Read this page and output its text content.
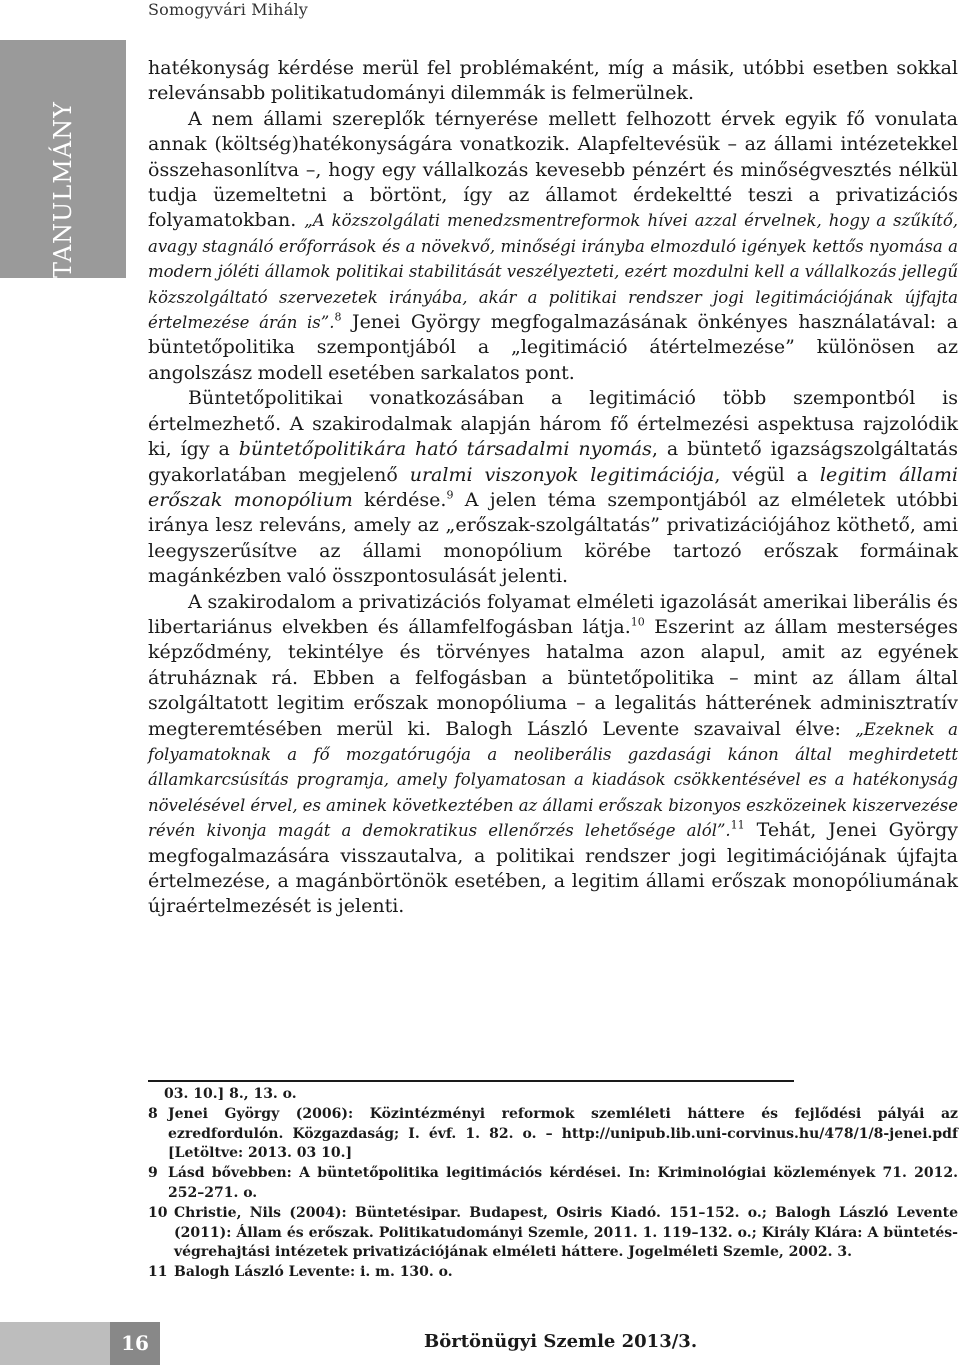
Somogyvári Mihály
TANULMÁNY

hatékonyság kérdése merül fel problémaként, míg a másik, utóbbi esetben sokkal relevánsabb politikatudományi dilemmák is felmerülnek.

A nem állami szereplők térnyerése mellett felhozott érvek egyik fő vonulata annak (költség)hatékonyságára vonatkozik. Alapfeltevésük – az állami intézetekkel összehasonlítva –, hogy egy vállalkozás kevesebb pénzért és minőségvesztés nélkül tudja üzemeltetni a börtönt, így az államot érdekeltté teszi a privatizációs folyamatokban. „A közszolgálati menedzsmentreformok hívei azzal érvelnek, hogy a szűkítő, avagy stagnáló erőforrások és a növekvő, minőségi irányba elmozduló igények kettős nyomása a modern jóléti államok politikai stabilitását veszélyezteti, ezért mozdulni kell a vállalkozás jellegű közszolgáltató szervezetek irányába, akár a politikai rendszer jogi legitimációjának újfajta értelmezése árán is”.$^8$ Jenei György megfogalmazásának önkényes használatával: a büntetőpolitika szempontjából a „legitimáció átértelmezése” különösen az angolszász modell esetében sarkalatos pont.

Büntetőpolitikai vonatkozásában a legitimáció több szempontból is értelmezhető. A szakirodalmak alapján három fő értelmezési aspektusa rajzolódik ki, így a büntetőpolitikára ható társadalmi nyomás, a büntető igazságszolgáltatás gyakorlatában megjelenő uralmi viszonyok legitimációja, végül a legitim állami erőszak monopólium kérdése.$^9$ A jelen téma szempontjából az elméletek utóbbi iránya lesz releváns, amely az „erőszak-szolgáltatás” privatizációjához köthető, ami leegyszerűsítve az állami monopólium körébe tartozó erőszak formáinak magánkézben való összpontosulását jelenti.

A szakirodalom a privatizációs folyamat elméleti igazolását amerikai liberális és libertariánus elvekben és államfelfogásban látja.$^{10}$ Eszerint az állam mesterséges képződmény, tekintélye és törvényes hatalma azon alapul, amit az egyének átruháznak rá. Ebben a felfogásban a büntetőpolitika – mint az állam által szolgáltatott legitim erőszak monopóliuma – a legalitás hátterének adminisztratív megteremtésében merül ki. Balogh László Levente szavaival élve: „Ezeknek a folyamatoknak a fő mozgatórugója a neoliberális gazdasági kánon által meghirdetett államkarcsúsítás programja, amely folyamatosan a kiadások csökkentésével es a hatékonyság növelésével érvel, es aminek következtében az állami erőszak bizonyos eszközeinek kiszervezése révén kivonja magát a demokratikus ellenőrzés lehetősége alól”.$^{11}$ Tehát, Jenei György megfogalmazására visszautalva, a politikai rendszer jogi legitimációjának újfajta értelmezése, a magánbörtönök esetében, a legitim állami erőszak monopóliumának újraértelmezését is jelenti.

03. 10.] 8., 13. o.
8 Jenei György (2006): Közintézményi reformok szemléleti háttere és fejlődési pályái az ezredfordulón. Közgazdaság; I. évf. 1. 82. o. – http://unipub.lib.uni-corvinus.hu/478/1/8-jenei.pdf [Letöltve: 2013. 03 10.]
9 Lásd bővebben: A büntetőpolitika legitimációs kérdései. In: Kriminológiai közlemények 71. 2012. 252–271. o.
10 Christie, Nils (2004): Büntetésipar. Budapest, Osiris Kiadó. 151–152. o.; Balogh László Levente (2011): Állam és erőszak. Politikatudományi Szemle, 2011. 1. 119–132. o.; Király Klára: A büntetés-végrehajtási intézetek privatizációjának elméleti háttere. Jogelméleti Szemle, 2002. 3.
11 Balogh László Levente: i. m. 130. o.
16	Börtönügyi Szemle 2013/3.
